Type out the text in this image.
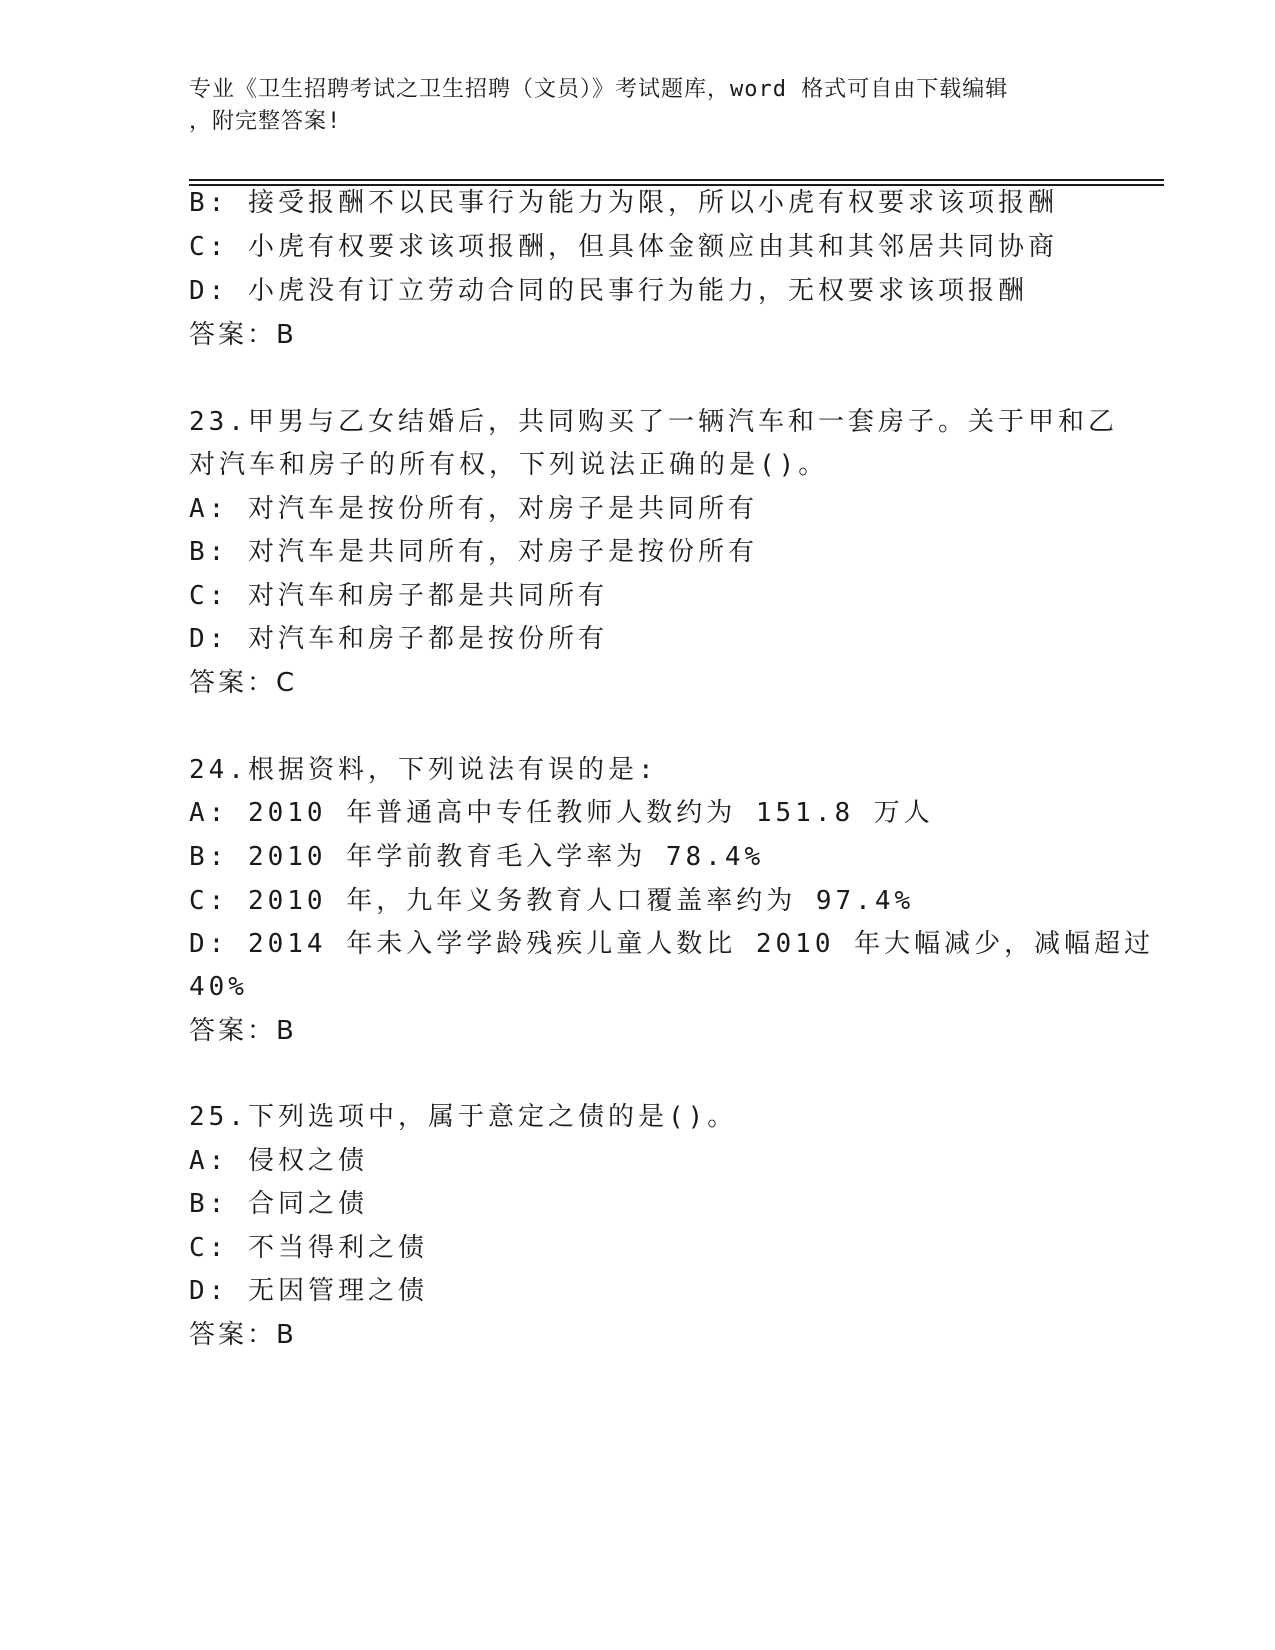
专业《卫生招聘考试之卫生招聘（文员）》考试题库，word 格式可自由下载编辑
，附完整答案!
B: 接受报酬不以民事行为能力为限，所以小虎有权要求该项报酬
C: 小虎有权要求该项报酬，但具体金额应由其和其邻居共同协商
D: 小虎没有订立劳动合同的民事行为能力，无权要求该项报酬
答案：B
23.甲男与乙女结婚后，共同购买了一辆汽车和一套房子。关于甲和乙
对汽车和房子的所有权，下列说法正确的是()。
A: 对汽车是按份所有，对房子是共同所有
B: 对汽车是共同所有，对房子是按份所有
C: 对汽车和房子都是共同所有
D: 对汽车和房子都是按份所有
答案：C
24.根据资料，下列说法有误的是:
A: 2010 年普通高中专任教师人数约为 151.8 万人
B: 2010 年学前教育毛入学率为 78.4%
C: 2010 年，九年义务教育人口覆盖率约为 97.4%
D: 2014 年未入学学龄残疾儿童人数比 2010 年大幅减少，减幅超过
40%
答案：B
25.下列选项中，属于意定之债的是()。
A: 侵权之债
B: 合同之债
C: 不当得利之债
D: 无因管理之债
答案：B
